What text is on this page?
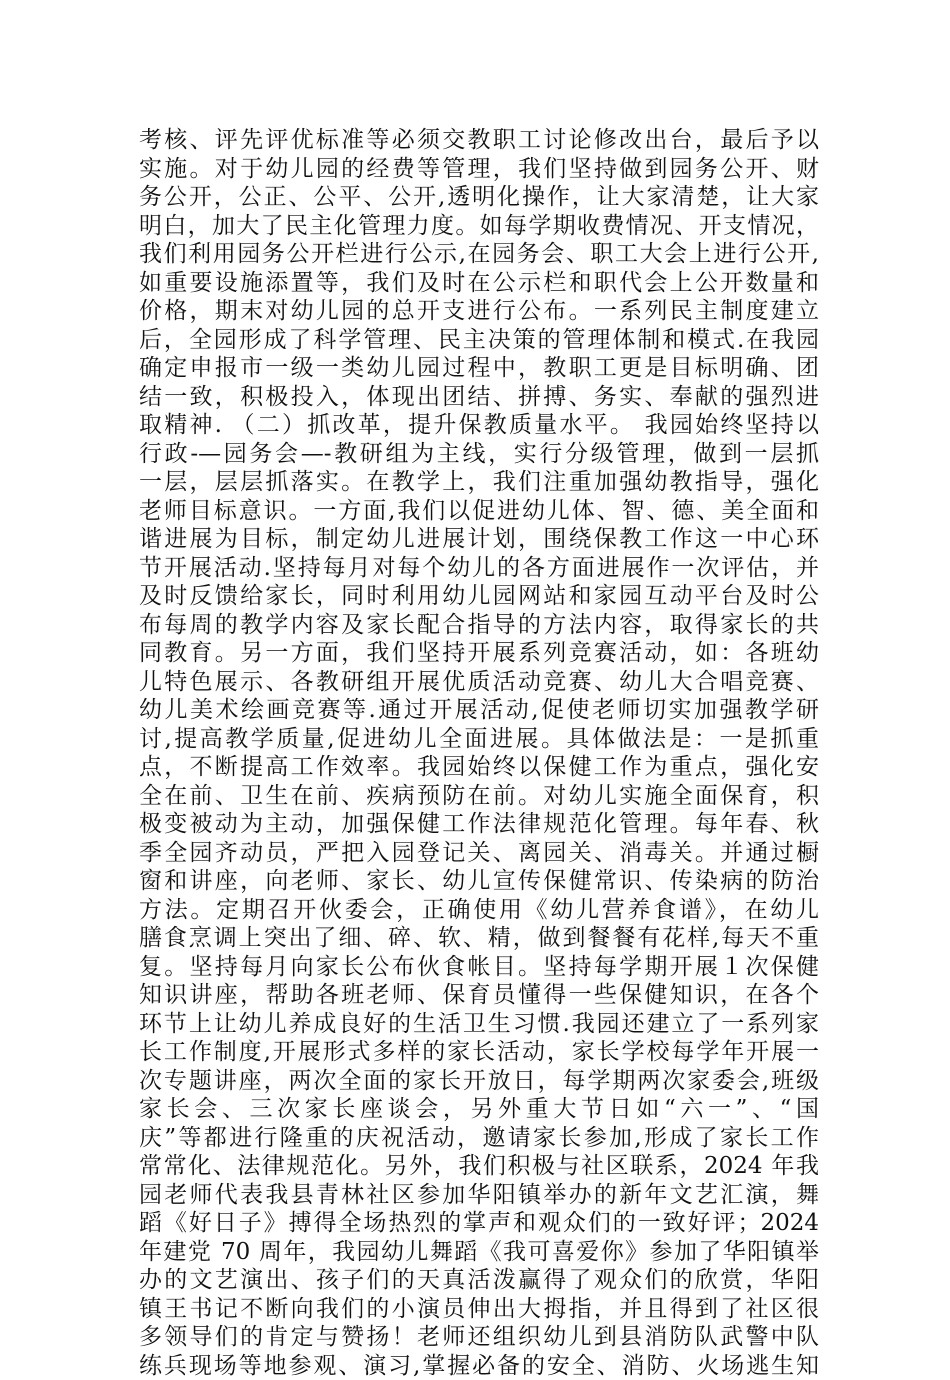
考核、评先评优标准等必须交教职工讨论修改出台，最后予以
实施。对于幼儿园的经费等管理，我们坚持做到园务公开、财
务公开，公正、公平、公开,透明化操作，让大家清楚，让大家
明白，加大了民主化管理力度。如每学期收费情况、开支情况，
我们利用园务公开栏进行公示,在园务会、职工大会上进行公开,
如重要设施添置等，我们及时在公示栏和职代会上公开数量和
价格，期末对幼儿园的总开支进行公布。一系列民主制度建立
后，全园形成了科学管理、民主决策的管理体制和模式.在我园
确定申报市一级一类幼儿园过程中，教职工更是目标明确、团
结一致，积极投入，体现出团结、拼搏、务实、奉献的强烈进
取精神. （二）抓改革，提升保教质量水平。 我园始终坚持以
行政-—园务会—-教研组为主线，实行分级管理，做到一层抓
一层，层层抓落实。在教学上，我们注重加强幼教指导，强化
老师目标意识。一方面,我们以促进幼儿体、智、德、美全面和
谐进展为目标，制定幼儿进展计划，围绕保教工作这一中心环
节开展活动.坚持每月对每个幼儿的各方面进展作一次评估，并
及时反馈给家长，同时利用幼儿园网站和家园互动平台及时公
布每周的教学内容及家长配合指导的方法内容，取得家长的共
同教育。另一方面，我们坚持开展系列竞赛活动，如：各班幼
儿特色展示、各教研组开展优质活动竞赛、幼儿大合唱竞赛、
幼儿美术绘画竞赛等.通过开展活动,促使老师切实加强教学研
讨,提高教学质量,促进幼儿全面进展。具体做法是：一是抓重
点，不断提高工作效率。我园始终以保健工作为重点，强化安
全在前、卫生在前、疾病预防在前。对幼儿实施全面保育，积
极变被动为主动，加强保健工作法律规范化管理。每年春、秋
季全园齐动员，严把入园登记关、离园关、消毒关。并通过橱
窗和讲座，向老师、家长、幼儿宣传保健常识、传染病的防治
方法。定期召开伙委会，正确使用《幼儿营养食谱》，在幼儿
膳食烹调上突出了细、碎、软、精，做到餐餐有花样,每天不重
复。坚持每月向家长公布伙食帐目。坚持每学期开展１次保健
知识讲座，帮助各班老师、保育员懂得一些保健知识，在各个
环节上让幼儿养成良好的生活卫生习惯.我园还建立了一系列家
长工作制度,开展形式多样的家长活动，家长学校每学年开展一
次专题讲座，两次全面的家长开放日，每学期两次家委会,班级
家长会、三次家长座谈会，另外重大节日如“六一”、“国
庆”等都进行隆重的庆祝活动，邀请家长参加,形成了家长工作
常常化、法律规范化。另外，我们积极与社区联系，2024 年我
园老师代表我县青林社区参加华阳镇举办的新年文艺汇演，舞
蹈《好日子》搏得全场热烈的掌声和观众们的一致好评；2024
年建党 70 周年，我园幼儿舞蹈《我可喜爱你》参加了华阳镇举
办的文艺演出、孩子们的天真活泼赢得了观众们的欣赏，华阳
镇王书记不断向我们的小演员伸出大拇指，并且得到了社区很
多领导们的肯定与赞扬！老师还组织幼儿到县消防队武警中队
练兵现场等地参观、演习,掌握必备的安全、消防、火场逃生知
